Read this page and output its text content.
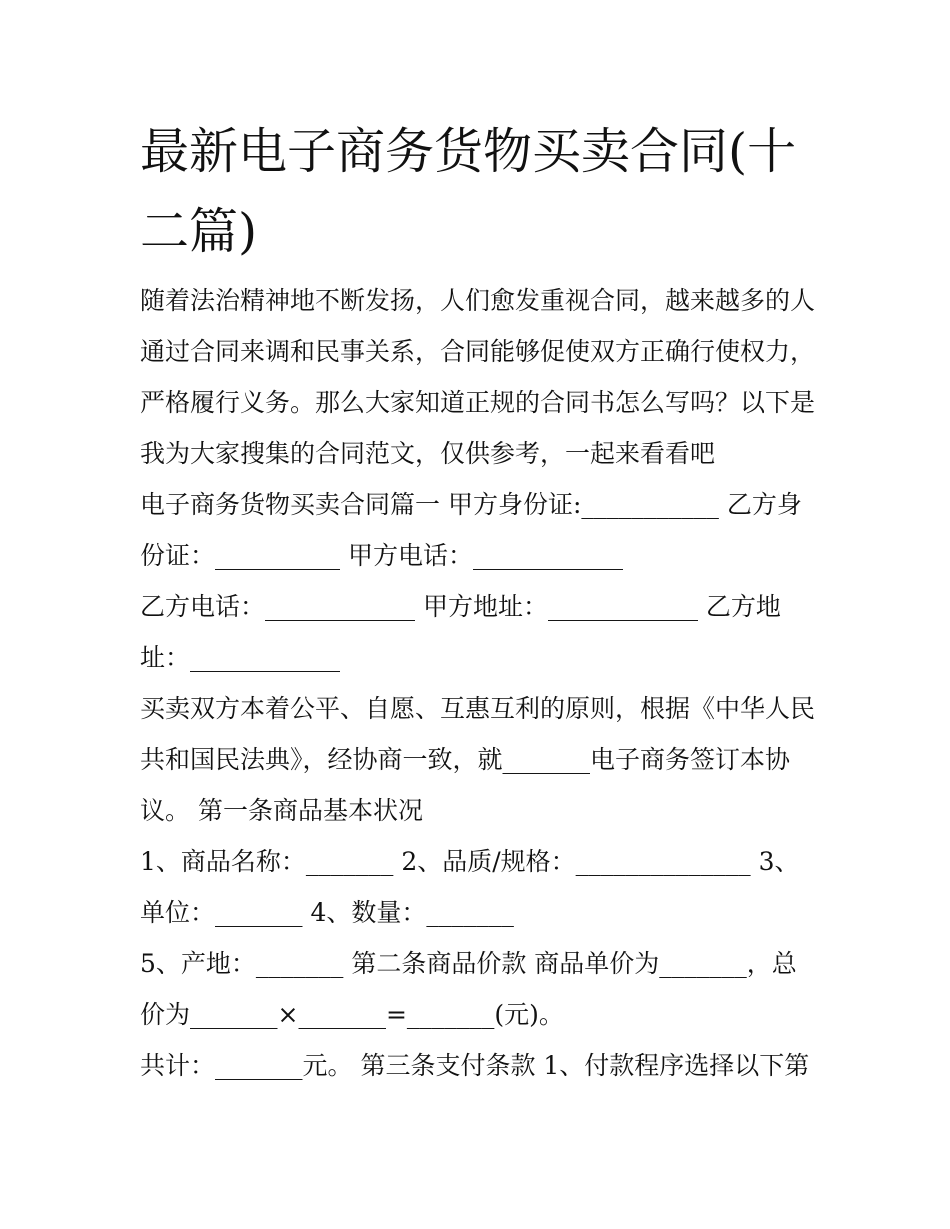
最新电子商务货物买卖合同(十二篇)

随着法治精神地不断发扬，人们愈发重视合同，越来越多的人通过合同来调和民事关系，合同能够促使双方正确行使权力，严格履行义务。那么大家知道正规的合同书怎么写吗？以下是我为大家搜集的合同范文，仅供参考，一起来看看吧

电子商务货物买卖合同篇一 甲方身份证:___________ 乙方身份证：__________ 甲方电话：____________

乙方电话：____________ 甲方地址：____________ 乙方地址：____________

买卖双方本着公平、自愿、互惠互利的原则，根据《中华人民共和国民法典》，经协商一致，就_______电子商务签订本协议。 第一条商品基本状况

1、商品名称：_______ 2、品质/规格：______________ 3、单位：_______ 4、数量：_______

5、产地：_______ 第二条商品价款 商品单价为_______，总价为_______×_______=_______(元)。

共计：_______元。 第三条支付条款 1、付款程序选择以下第
